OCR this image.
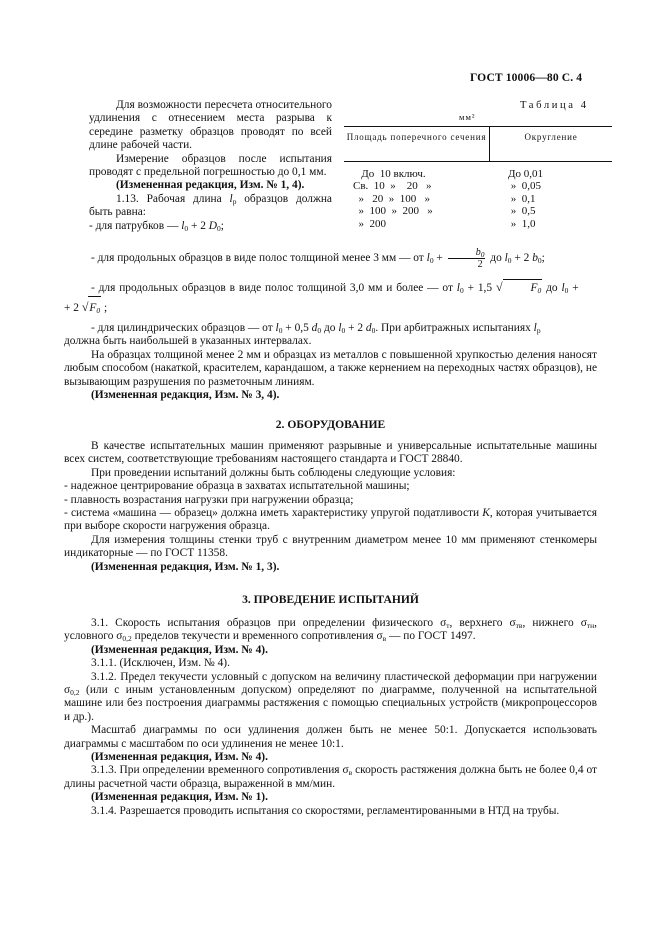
ГОСТ 10006—80 С. 4

Для возможности пересчета относительного удлинения с отнесением места разрыва к середине разметку образцов проводят по всей длине рабочей части.

Измерение образцов после испытания проводят с предельной погрешностью до 0,1 мм.

(Измененная редакция, Изм. № 1, 4).

1.13. Рабочая длина $l_р$ образцов должна быть равна:

- для патрубков — $l_0 + 2$ $D_0$;

Таблица 4
мм²
Площадь поперечного сечения	Округление
До  10 включ.
Св.  10  »    20   »
»   20  »  100   »
»  100  »  200   »
»  200
До 0,01
»  0,05
»  0,1
»  0,5
»  1,0

- для продольных образцов в виде полос толщиной менее 3 мм — от $l_0 + \frac{b_0}{2}$ до $l_0 + 2$ $b_0$;

- для продольных образцов в виде полос толщиной 3,0 мм и более — от $l_0 + 1,5$ √ $F_0$ до $l_0$ +

+ 2 $√F_0$ ;

- для цилиндрических образцов — от $l_0 + 0,5$ $d_0$ до $l_0 + 2$ $d_0$. При арбитражных испытаниях $l_р$

должна быть наибольшей в указанных интервалах.

На образцах толщиной менее 2 мм и образцах из металлов с повышенной хрупкостью деления наносят любым способом (накаткой, красителем, карандашом, а также кернением на переходных частях образцов), не вызывающим разрушения по разметочным линиям.

(Измененная редакция, Изм. № 3, 4).

2. ОБОРУДОВАНИЕ

В качестве испытательных машин применяют разрывные и универсальные испытательные машины всех систем, соответствующие требованиям настоящего стандарта и ГОСТ 28840.

При проведении испытаний должны быть соблюдены следующие условия:

- надежное центрирование образца в захватах испытательной машины;

- плавность возрастания нагрузки при нагружении образца;

- система «машина — образец» должна иметь характеристику упругой податливости K, которая учитывается при выборе скорости нагружения образца.

Для измерения толщины стенки труб с внутренним диаметром менее 10 мм применяют стенкомеры индикаторные — по ГОСТ 11358.

(Измененная редакция, Изм. № 1, 3).

3. ПРОВЕДЕНИЕ ИСПЫТАНИЙ

3.1. Скорость испытания образцов при определении физического $\sigma_т$, верхнего $\sigma_{тв}$, нижнего $\sigma_{тн}$, условного $\sigma_{0,2}$ пределов текучести и временного сопротивления $\sigma_в$ — по ГОСТ 1497.

(Измененная редакция, Изм. № 4).

3.1.1. (Исключен, Изм. № 4).

3.1.2. Предел текучести условный с допуском на величину пластической деформации при нагружении $\sigma_{0,2}$ (или с иным установленным допуском) определяют по диаграмме, полученной на испытательной машине или без построения диаграммы растяжения с помощью специальных устройств (микропроцессоров и др.).

Масштаб диаграммы по оси удлинения должен быть не менее 50:1. Допускается использовать диаграммы с масштабом по оси удлинения не менее 10:1.

(Измененная редакция, Изм. № 4).

3.1.3. При определении временного сопротивления $\sigma_в$ скорость растяжения должна быть не более 0,4 от длины расчетной части образца, выраженной в мм/мин.

(Измененная редакция, Изм. № 1).

3.1.4. Разрешается проводить испытания со скоростями, регламентированными в НТД на трубы.
